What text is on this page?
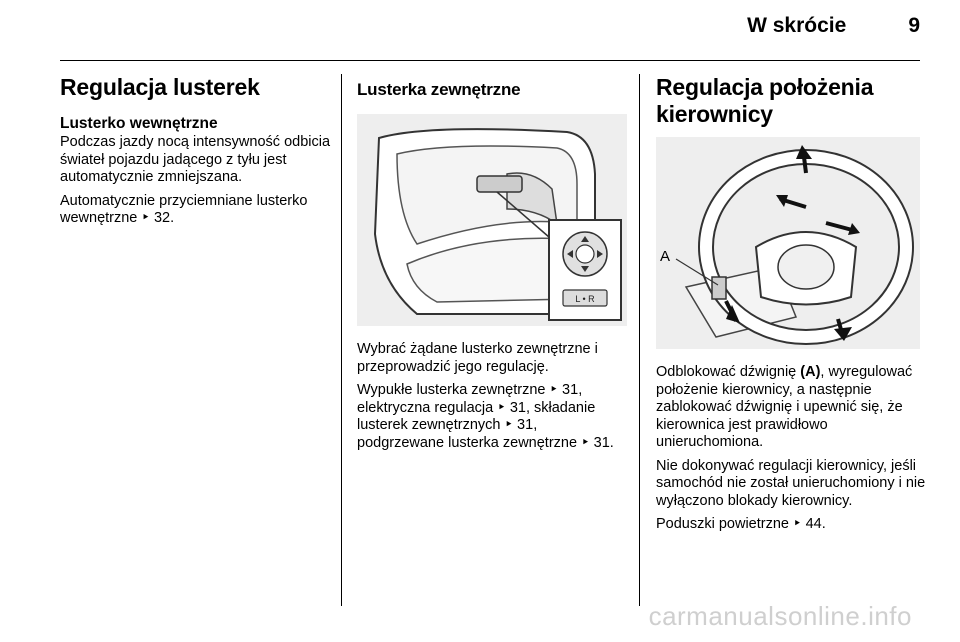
W skrócie	9
Regulacja lusterek
Lusterko wewnętrzne

Podczas jazdy nocą intensywność odbicia świateł pojazdu jadącego z tyłu jest automatycznie zmniejszana.

Automatycznie przyciemniane lusterko wewnętrzne ‣ 32.

Lusterka zewnętrzne
L • R

Wybrać żądane lusterko zewnętrzne i przeprowadzić jego regulację.

Wypukłe lusterka zewnętrzne ‣ 31, elektryczna regulacja ‣ 31, składanie lusterek zewnętrznych ‣ 31, podgrzewane lusterka zewnętrzne ‣ 31.

Regulacja położenia kierownicy
A

Odblokować dźwignię (A), wyregulować położenie kierownicy, a następnie zablokować dźwignię i upewnić się, że kierownica jest prawidłowo unieruchomiona.

Nie dokonywać regulacji kierownicy, jeśli samochód nie został unieruchomiony i nie wyłączono blokady kierownicy.

Poduszki powietrzne ‣ 44.

carmanualsonline.info
